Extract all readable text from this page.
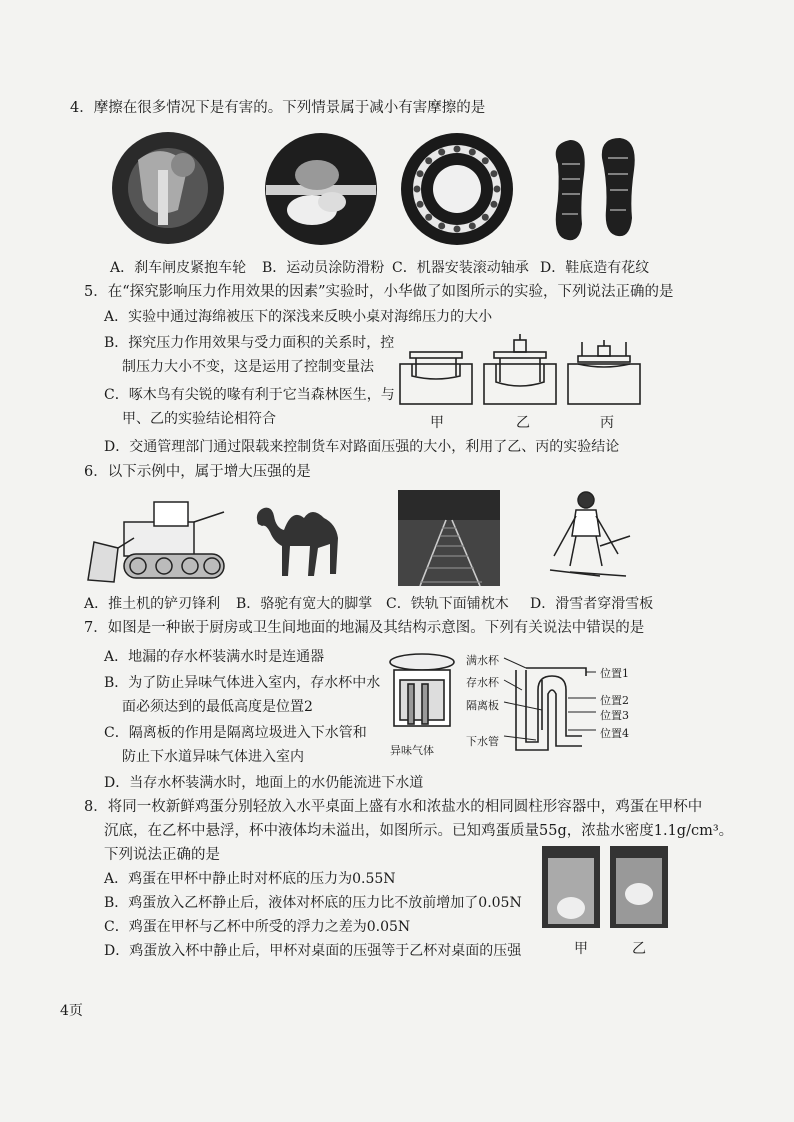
4．摩擦在很多情况下是有害的。下列情景属于减小有害摩擦的是
A．刹车闸皮紧抱车轮 B．运动员涂防滑粉 C．机器安装滚动轴承 D．鞋底造有花纹
5．在“探究影响压力作用效果的因素”实验时，小华做了如图所示的实验，下列说法正确的是
A．实验中通过海绵被压下的深浅来反映小桌对海绵压力的大小
B．探究压力作用效果与受力面积的关系时，控
制压力大小不变，这是运用了控制变量法
C．啄木鸟有尖锐的喙有利于它当森林医生，与
甲、乙的实验结论相符合
D．交通管理部门通过限载来控制货车对路面压强的大小，利用了乙、丙的实验结论
甲	乙	丙
6．以下示例中，属于增大压强的是
A．推土机的铲刃锋利 B．骆驼有宽大的脚掌 C．铁轨下面铺枕木 D．滑雪者穿滑雪板
7．如图是一种嵌于厨房或卫生间地面的地漏及其结构示意图。下列有关说法中错误的是
A．地漏的存水杯装满水时是连通器
B．为了防止异味气体进入室内，存水杯中水
面必须达到的最低高度是位置2
C．隔离板的作用是隔离垃圾进入下水管和
防止下水道异味气体进入室内
D．当存水杯装满水时，地面上的水仍能流进下水道
满水杯
存水杯
隔离板
下水管
异味气体
位置1
位置2
位置3
位置4
8．将同一枚新鲜鸡蛋分别轻放入水平桌面上盛有水和浓盐水的相同圆柱形容器中，鸡蛋在甲杯中
沉底，在乙杯中悬浮，杯中液体均未溢出，如图所示。已知鸡蛋质量55g，浓盐水密度1.1g/cm³。
下列说法正确的是
A．鸡蛋在甲杯中静止时对杯底的压力为0.55N
B．鸡蛋放入乙杯静止后，液体对杯底的压力比不放前增加了0.05N
C．鸡蛋在甲杯与乙杯中所受的浮力之差为0.05N
D．鸡蛋放入杯中静止后，甲杯对桌面的压强等于乙杯对桌面的压强	甲	乙
4页
